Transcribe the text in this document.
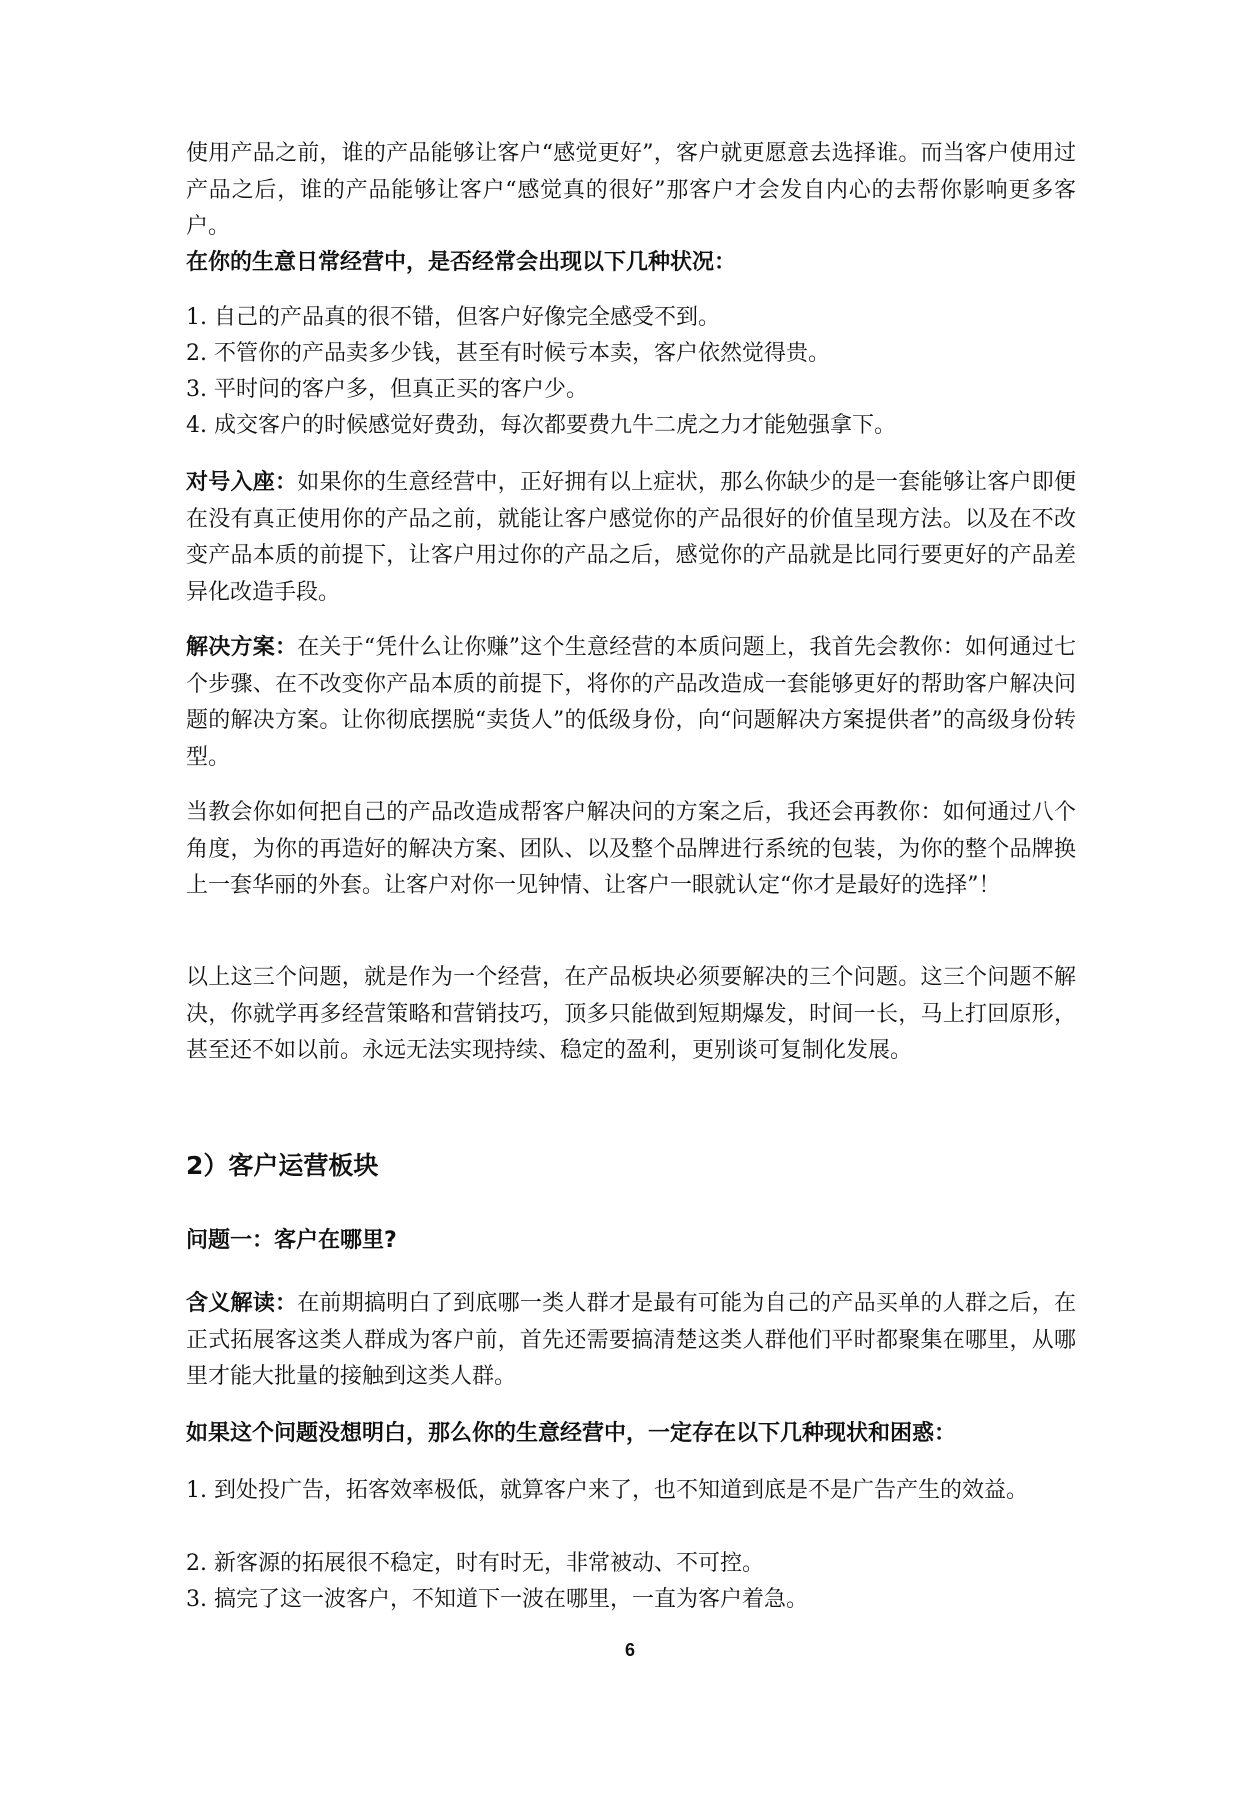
使用产品之前，谁的产品能够让客户“感觉更好”，客户就更愿意去选择谁。而当客户使用过产品之后，谁的产品能够让客户“感觉真的很好”那客户才会发自内心的去帮你影响更多客户。

在你的生意日常经营中，是否经常会出现以下几种状况：

1. 自己的产品真的很不错，但客户好像完全感受不到。

2. 不管你的产品卖多少钱，甚至有时候亏本卖，客户依然觉得贵。

3. 平时问的客户多，但真正买的客户少。

4. 成交客户的时候感觉好费劲，每次都要费九牛二虎之力才能勉强拿下。

对号入座：如果你的生意经营中，正好拥有以上症状，那么你缺少的是一套能够让客户即便在没有真正使用你的产品之前，就能让客户感觉你的产品很好的价值呈现方法。以及在不改变产品本质的前提下，让客户用过你的产品之后，感觉你的产品就是比同行要更好的产品差异化改造手段。

解决方案：在关于“凭什么让你赚”这个生意经营的本质问题上，我首先会教你：如何通过七个步骤、在不改变你产品本质的前提下，将你的产品改造成一套能够更好的帮助客户解决问题的解决方案。让你彻底摆脱“卖货人”的低级身份，向“问题解决方案提供者”的高级身份转型。

当教会你如何把自己的产品改造成帮客户解决问的方案之后，我还会再教你：如何通过八个角度，为你的再造好的解决方案、团队、以及整个品牌进行系统的包装，为你的整个品牌换上一套华丽的外套。让客户对你一见钟情、让客户一眼就认定“你才是最好的选择”！

以上这三个问题，就是作为一个经营，在产品板块必须要解决的三个问题。这三个问题不解决，你就学再多经营策略和营销技巧，顶多只能做到短期爆发，时间一长，马上打回原形，甚至还不如以前。永远无法实现持续、稳定的盈利，更别谈可复制化发展。

2）客户运营板块

问题一：客户在哪里?

含义解读：在前期搞明白了到底哪一类人群才是最有可能为自己的产品买单的人群之后，在正式拓展客这类人群成为客户前，首先还需要搞清楚这类人群他们平时都聚集在哪里，从哪里才能大批量的接触到这类人群。

如果这个问题没想明白，那么你的生意经营中，一定存在以下几种现状和困惑：

1. 到处投广告，拓客效率极低，就算客户来了，也不知道到底是不是广告产生的效益。

2. 新客源的拓展很不稳定，时有时无，非常被动、不可控。

3. 搞完了这一波客户，不知道下一波在哪里，一直为客户着急。

6
